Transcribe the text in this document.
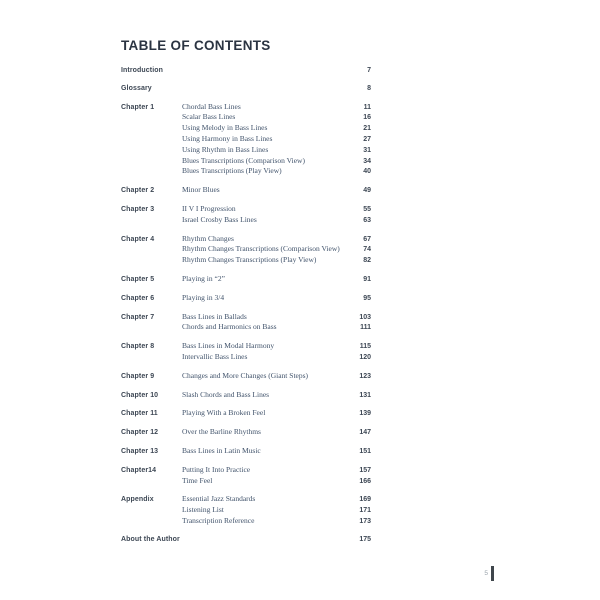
TABLE OF CONTENTS
Introduction	7
Glossary	8
Chapter 1	Chordal Bass Lines	11
Scalar Bass Lines	16
Using Melody in Bass Lines	21
Using Harmony in Bass Lines	27
Using Rhythm in Bass Lines	31
Blues Transcriptions (Comparison View)	34
Blues Transcriptions (Play View)	40
Chapter 2	Minor Blues	49
Chapter 3	II V I Progression	55
Israel Crosby Bass Lines	63
Chapter 4	Rhythm Changes	67
Rhythm Changes Transcriptions (Comparison View)	74
Rhythm Changes Transcriptions (Play View)	82
Chapter 5	Playing in “2”	91
Chapter 6	Playing in 3/4	95
Chapter 7	Bass Lines in Ballads	103
Chords and Harmonics on Bass	111
Chapter 8	Bass Lines in Modal Harmony	115
Intervallic Bass Lines	120
Chapter 9	Changes and More Changes (Giant Steps)	123
Chapter 10	Slash Chords and Bass Lines	131
Chapter 11	Playing With a Broken Feel	139
Chapter 12	Over the Barline Rhythms	147
Chapter 13	Bass Lines in Latin Music	151
Chapter14	Putting It Into Practice	157
Time Feel	166
Appendix	Essential Jazz Standards	169
Listening List	171
Transcription Reference	173
About the Author	175
5
